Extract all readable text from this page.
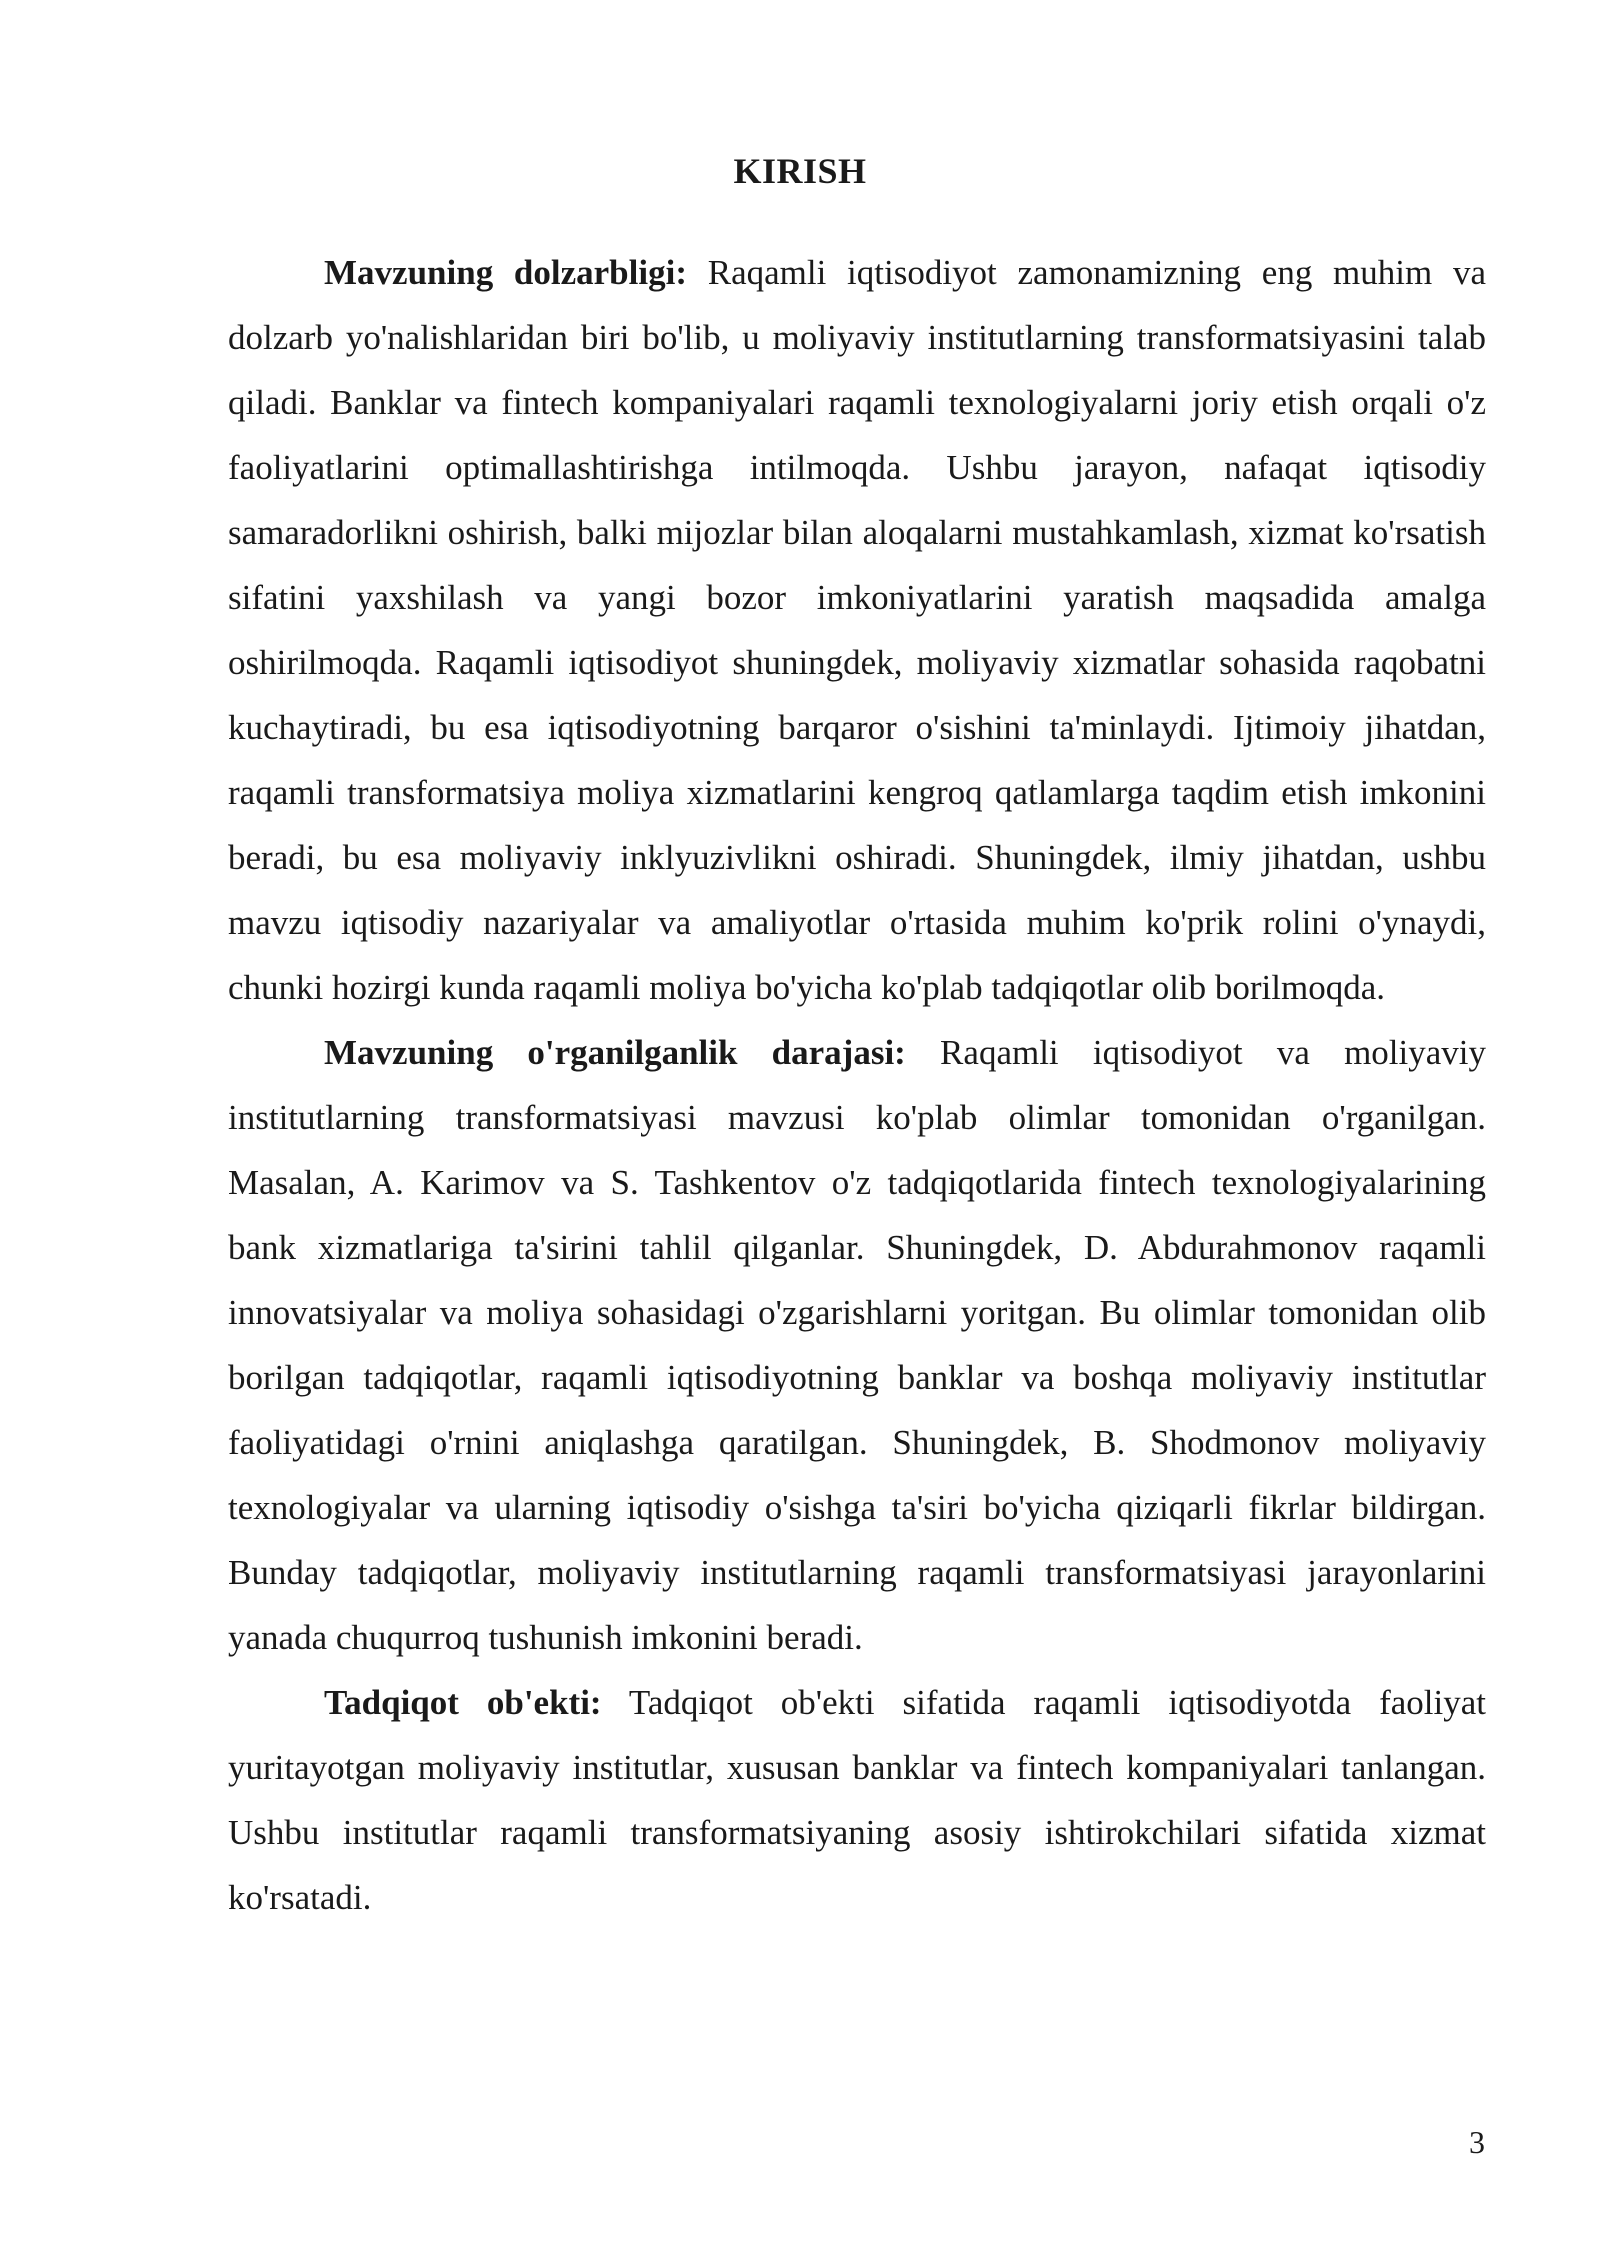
KIRISH

Mavzuning dolzarbligi: Raqamli iqtisodiyot zamonamizning eng muhim va dolzarb yo'nalishlaridan biri bo'lib, u moliyaviy institutlarning transformatsiyasini talab qiladi. Banklar va fintech kompaniyalari raqamli texnologiyalarni joriy etish orqali o'z faoliyatlarini optimallashtirishga intilmoqda. Ushbu jarayon, nafaqat iqtisodiy samaradorlikni oshirish, balki mijozlar bilan aloqalarni mustahkamlash, xizmat ko'rsatish sifatini yaxshilash va yangi bozor imkoniyatlarini yaratish maqsadida amalga oshirilmoqda. Raqamli iqtisodiyot shuningdek, moliyaviy xizmatlar sohasida raqobatni kuchaytiradi, bu esa iqtisodiyotning barqaror o'sishini ta'minlaydi. Ijtimoiy jihatdan, raqamli transformatsiya moliya xizmatlarini kengroq qatlamlarga taqdim etish imkonini beradi, bu esa moliyaviy inklyuzivlikni oshiradi. Shuningdek, ilmiy jihatdan, ushbu mavzu iqtisodiy nazariyalar va amaliyotlar o'rtasida muhim ko'prik rolini o'ynaydi, chunki hozirgi kunda raqamli moliya bo'yicha ko'plab tadqiqotlar olib borilmoqda.

Mavzuning o'rganilganlik darajasi: Raqamli iqtisodiyot va moliyaviy institutlarning transformatsiyasi mavzusi ko'plab olimlar tomonidan o'rganilgan. Masalan, A. Karimov va S. Tashkentov o'z tadqiqotlarida fintech texnologiyalarining bank xizmatlariga ta'sirini tahlil qilganlar. Shuningdek, D. Abdurahmonov raqamli innovatsiyalar va moliya sohasidagi o'zgarishlarni yoritgan. Bu olimlar tomonidan olib borilgan tadqiqotlar, raqamli iqtisodiyotning banklar va boshqa moliyaviy institutlar faoliyatidagi o'rnini aniqlashga qaratilgan. Shuningdek, B. Shodmonov moliyaviy texnologiyalar va ularning iqtisodiy o'sishga ta'siri bo'yicha qiziqarli fikrlar bildirgan. Bunday tadqiqotlar, moliyaviy institutlarning raqamli transformatsiyasi jarayonlarini yanada chuqurroq tushunish imkonini beradi.

Tadqiqot ob'ekti: Tadqiqot ob'ekti sifatida raqamli iqtisodiyotda faoliyat yuritayotgan moliyaviy institutlar, xususan banklar va fintech kompaniyalari tanlangan. Ushbu institutlar raqamli transformatsiyaning asosiy ishtirokchilari sifatida xizmat ko'rsatadi.

3
